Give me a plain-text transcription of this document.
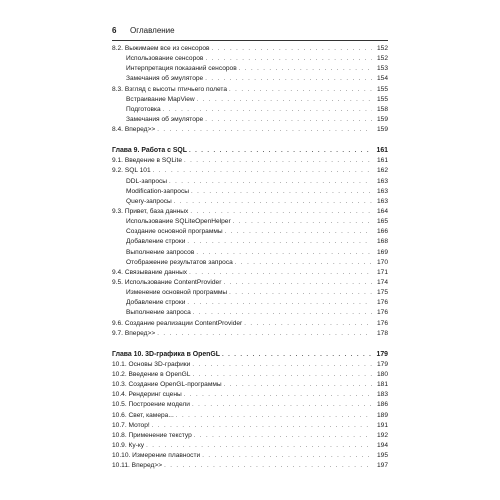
6	Оглавление
8.2. Выжимаем все из сенсоров . . .	152
Использование сенсоров . . .	152
Интерпретация показаний сенсоров . . .	153
Замечания об эмуляторе . . .	154
8.3. Взгляд с высоты птичьего полета . . .	155
Встраивание MapView . . .	155
Подготовка . . .	158
Замечания об эмуляторе . . .	159
8.4. Вперед>> . . .	159
Глава 9. Работа с SQL . . .	161
9.1. Введение в SQLite . . .	161
9.2. SQL 101 . . .	162
DDL-запросы . . .	163
Modification-запросы . . .	163
Query-запросы . . .	163
9.3. Привет, база данных . . .	164
Использование SQLiteOpenHelper . . .	165
Создание основной программы . . .	166
Добавление строки . . .	168
Выполнение запросов . . .	169
Отображение результатов запроса . . .	170
9.4. Связывание данных . . .	171
9.5. Использование ContentProvider . . .	174
Изменение основной программы . . .	175
Добавление строки . . .	176
Выполнение запроса . . .	176
9.6. Создание реализации ContentProvider . . .	176
9.7. Вперед>> . . .	178
Глава 10. 3D-графика в OpenGL . . .	179
10.1. Основы 3D-графики . . .	179
10.2. Введение в OpenGL . . .	180
10.3. Создание OpenGL-программы . . .	181
10.4. Рендеринг сцены . . .	183
10.5. Построение модели . . .	186
10.6. Свет, камера... . . .	189
10.7. Мотор! . . .	191
10.8. Применение текстур . . .	192
10.9. Ку-ку . . .	194
10.10. Измерение плавности . . .	195
10.11. Вперед>> . . .	197
